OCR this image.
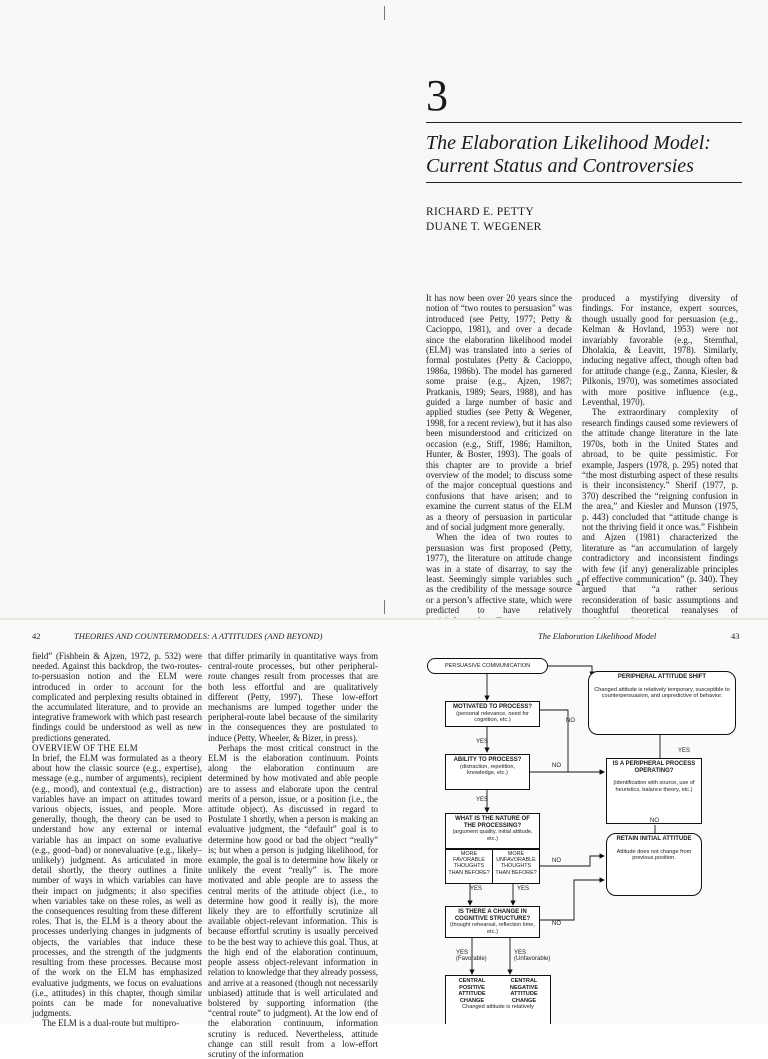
3
The Elaboration Likelihood Model:
Current Status and Controversies
RICHARD E. PETTY
DUANE T. WEGENER

It has now been over 20 years since the notion of “two routes to persuasion” was introduced (see Petty, 1977; Petty & Cacioppo, 1981), and over a decade since the elaboration likelihood model (ELM) was translated into a series of formal postulates (Petty & Cacioppo, 1986a, 1986b). The model has garnered some praise (e.g., Ajzen, 1987; Pratkanis, 1989; Sears, 1988), and has guided a large number of basic and applied studies (see Petty & Wegener, 1998, for a recent review), but it has also been misunderstood and criticized on occasion (e.g., Stiff, 1986; Hamilton, Hunter, & Boster, 1993). The goals of this chapter are to provide a brief overview of the model; to discuss some of the major conceptual questions and confusions that have arisen; and to examine the current status of the ELM as a theory of persuasion in particular and of social judgment more generally.

When the idea of two routes to persuasion was first proposed (Petty, 1977), the literature on attitude change was in a state of disarray, to say the least. Seemingly simple variables such as the credibility of the message source or a person’s affective state, which were predicted to have relatively

produced a mystifying diversity of findings. For instance, expert sources, though usually good for persuasion (e.g., Kelman & Hovland, 1953) were not invariably favorable (e.g., Sternthal, Dholakia, & Leavitt, 1978). Similarly, inducing negative affect, though often bad for attitude change (e.g., Zanna, Kiesler, & Pilkonis, 1970), was sometimes associated with more positive influence (e.g., Leventhal, 1970).

The extraordinary complexity of research findings caused some reviewers of the attitude change literature in the late 1970s, both in the United States and abroad, to be quite pessimistic. For example, Jaspers (1978, p. 295) noted that “the most disturbing aspect of these results is their inconsistency.” Sherif (1977, p. 370) described the “reigning confusion in the area,” and Kiesler and Munson (1975, p. 443) concluded that “attitude change is not the thriving field it once was.” Fishbein and Ajzen (1981) characterized the literature as “an accumulation of largely contradictory and inconsistent findings with few (if any) generalizable principles of effective communication” (p. 340). They argued that “a rather serious reconsideration of basic assumptions and thoughtful theoretical reanalyses of

41
42	THEORIES AND COUNTERMODELS: A ATTITUDES (AND BEYOND)

field” (Fishbein & Ajzen, 1972, p. 532) were needed. Against this backdrop, the two-routes-to-persuasion notion and the ELM were introduced in order to account for the complicated and perplexing results obtained in the accumulated literature, and to provide an integrative framework with which past research findings could be understood as well as new predictions generated.

OVERVIEW OF THE ELM

In brief, the ELM was formulated as a theory about how the classic source (e.g., expertise), message (e.g., number of arguments), recipient (e.g., mood), and contextual (e.g., distraction) variables have an impact on attitudes toward various objects, issues, and people. More generally, though, the theory can be used to understand how any external or internal variable has an impact on some evaluative (e.g., good–bad) or nonevaluative (e.g., likely–unlikely) judgment. As articulated in more detail shortly, the theory outlines a finite number of ways in which variables can have their impact on judgments; it also specifies when variables take on these roles, as well as the consequences resulting from these different roles. That is, the ELM is a theory about the processes underlying changes in judgments of objects, the variables that induce these processes, and the strength of the judgments resulting from these processes. Because most of the work on the ELM has emphasized evaluative judgments, we focus on evaluations (i.e., attitudes) in this chapter, though similar points can be made for nonevaluative judgments.

The ELM is a dual-route but multipro-

that differ primarily in quantitative ways from central-route processes, but other peripheral-route changes result from processes that are both less effortful and are qualitatively different (Petty, 1997). These low-effort mechanisms are lumped together under the peripheral-route label because of the similarity in the consequences they are postulated to induce (Petty, Wheeler, & Bizer, in press).

Perhaps the most critical construct in the ELM is the elaboration continuum. Points along the elaboration continuum are determined by how motivated and able people are to assess and elaborate upon the central merits of a person, issue, or a position (i.e., the attitude object). As discussed in regard to Postulate 1 shortly, when a person is making an evaluative judgment, the “default” goal is to determine how good or bad the object “really” is; but when a person is judging likelihood, for example, the goal is to determine how likely or unlikely the event “really” is. The more motivated and able people are to assess the central merits of the attitude object (i.e., to determine how good it really is), the more likely they are to effortfully scrutinize all available object-relevant information. This is because effortful scrutiny is usually perceived to be the best way to achieve this goal. Thus, at the high end of the elaboration continuum, people assess object-relevant information in relation to knowledge that they already possess, and arrive at a reasoned (though not necessarily unbiased) attitude that is well articulated and bolstered by supporting information (the “central route” to judgment). At the low end of the elaboration continuum, information scrutiny is reduced. Nevertheless, attitude change can still result from a low-effort scrutiny of the information

The Elaboration Likelihood Model	43
PERSUASIVE COMMUNICATION
MOTIVATED TO PROCESS?
(personal relevance, need for cognition, etc.)
YES
NO
ABILITY TO PROCESS?
(distraction, repetition, knowledge, etc.)
YES
NO
WHAT IS THE NATURE OF THE PROCESSING?
(argument quality, initial attitude, etc.)
MORE FAVORABLE THOUGHTS THAN BEFORE?
MORE UNFAVORABLE THOUGHTS THAN BEFORE?
NO
YES	YES
IS THERE A CHANGE IN COGNITIVE STRUCTURE?
(thought rehearsal, reflection time, etc.)
NO
YES
(Favorable)
YES
(Unfavorable)
CENTRAL POSITIVE ATTITUDE CHANGE
CENTRAL NEGATIVE ATTITUDE CHANGE
Changed attitude is relatively
PERIPHERAL ATTITUDE SHIFT
Changed attitude is relatively temporary, susceptible to counterpersuasion, and unpredictive of behavior.
YES
IS A PERIPHERAL PROCESS OPERATING?
(identification with source, use of heuristics, balance theory, etc.)
NO
RETAIN INITIAL ATTITUDE
Attitude does not change from previous position.
